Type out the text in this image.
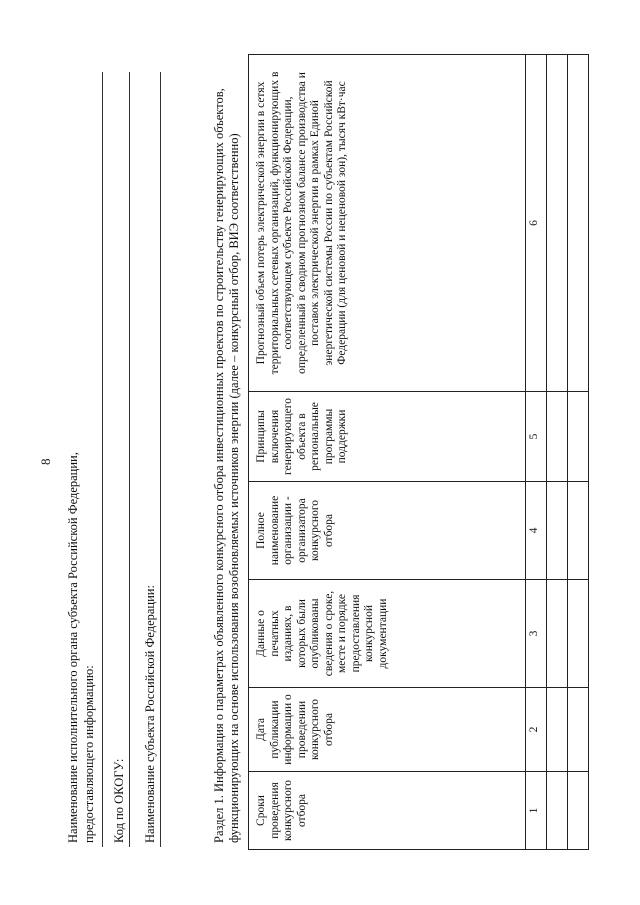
8 Наименование исполнительного органа субъекта Российской Федерации, предоставляющего информацию: Код по ОКОГУ: Наименование субъекта Российской Федерации:	Раздел 1. Информация о параметрах объявленного конкурсного отбора инвестиционных проектов по строительству генерирующих объектов, функционирующих на основе использования возобновляемых источников энергии (далее – конкурсный отбор, ВИЭ соответственно) Сроки проведения конкурсного отбора	Дата публикации информации о проведении конкурсного отбора	Данные о печатных изданиях, в которых были опубликованы сведения о сроке, месте и порядке предоставления конкурсной документации	Полное наименование организации - организатора конкурсного отбора	Принципы включения генерирующего объекта в региональные программы поддержки	Прогнозный объем потерь электрической энергии в сетях территориальных сетевых организаций, функционирующих в соответствующем субъекте Российской Федерации, определенный в сводном прогнозном балансе производства и поставок электрической энергии в рамках Единой энергетической системы России по субъектам Российской Федерации (для ценовой и неценовой зон), тысяч кВт·час
1	2	3	4	5	6
